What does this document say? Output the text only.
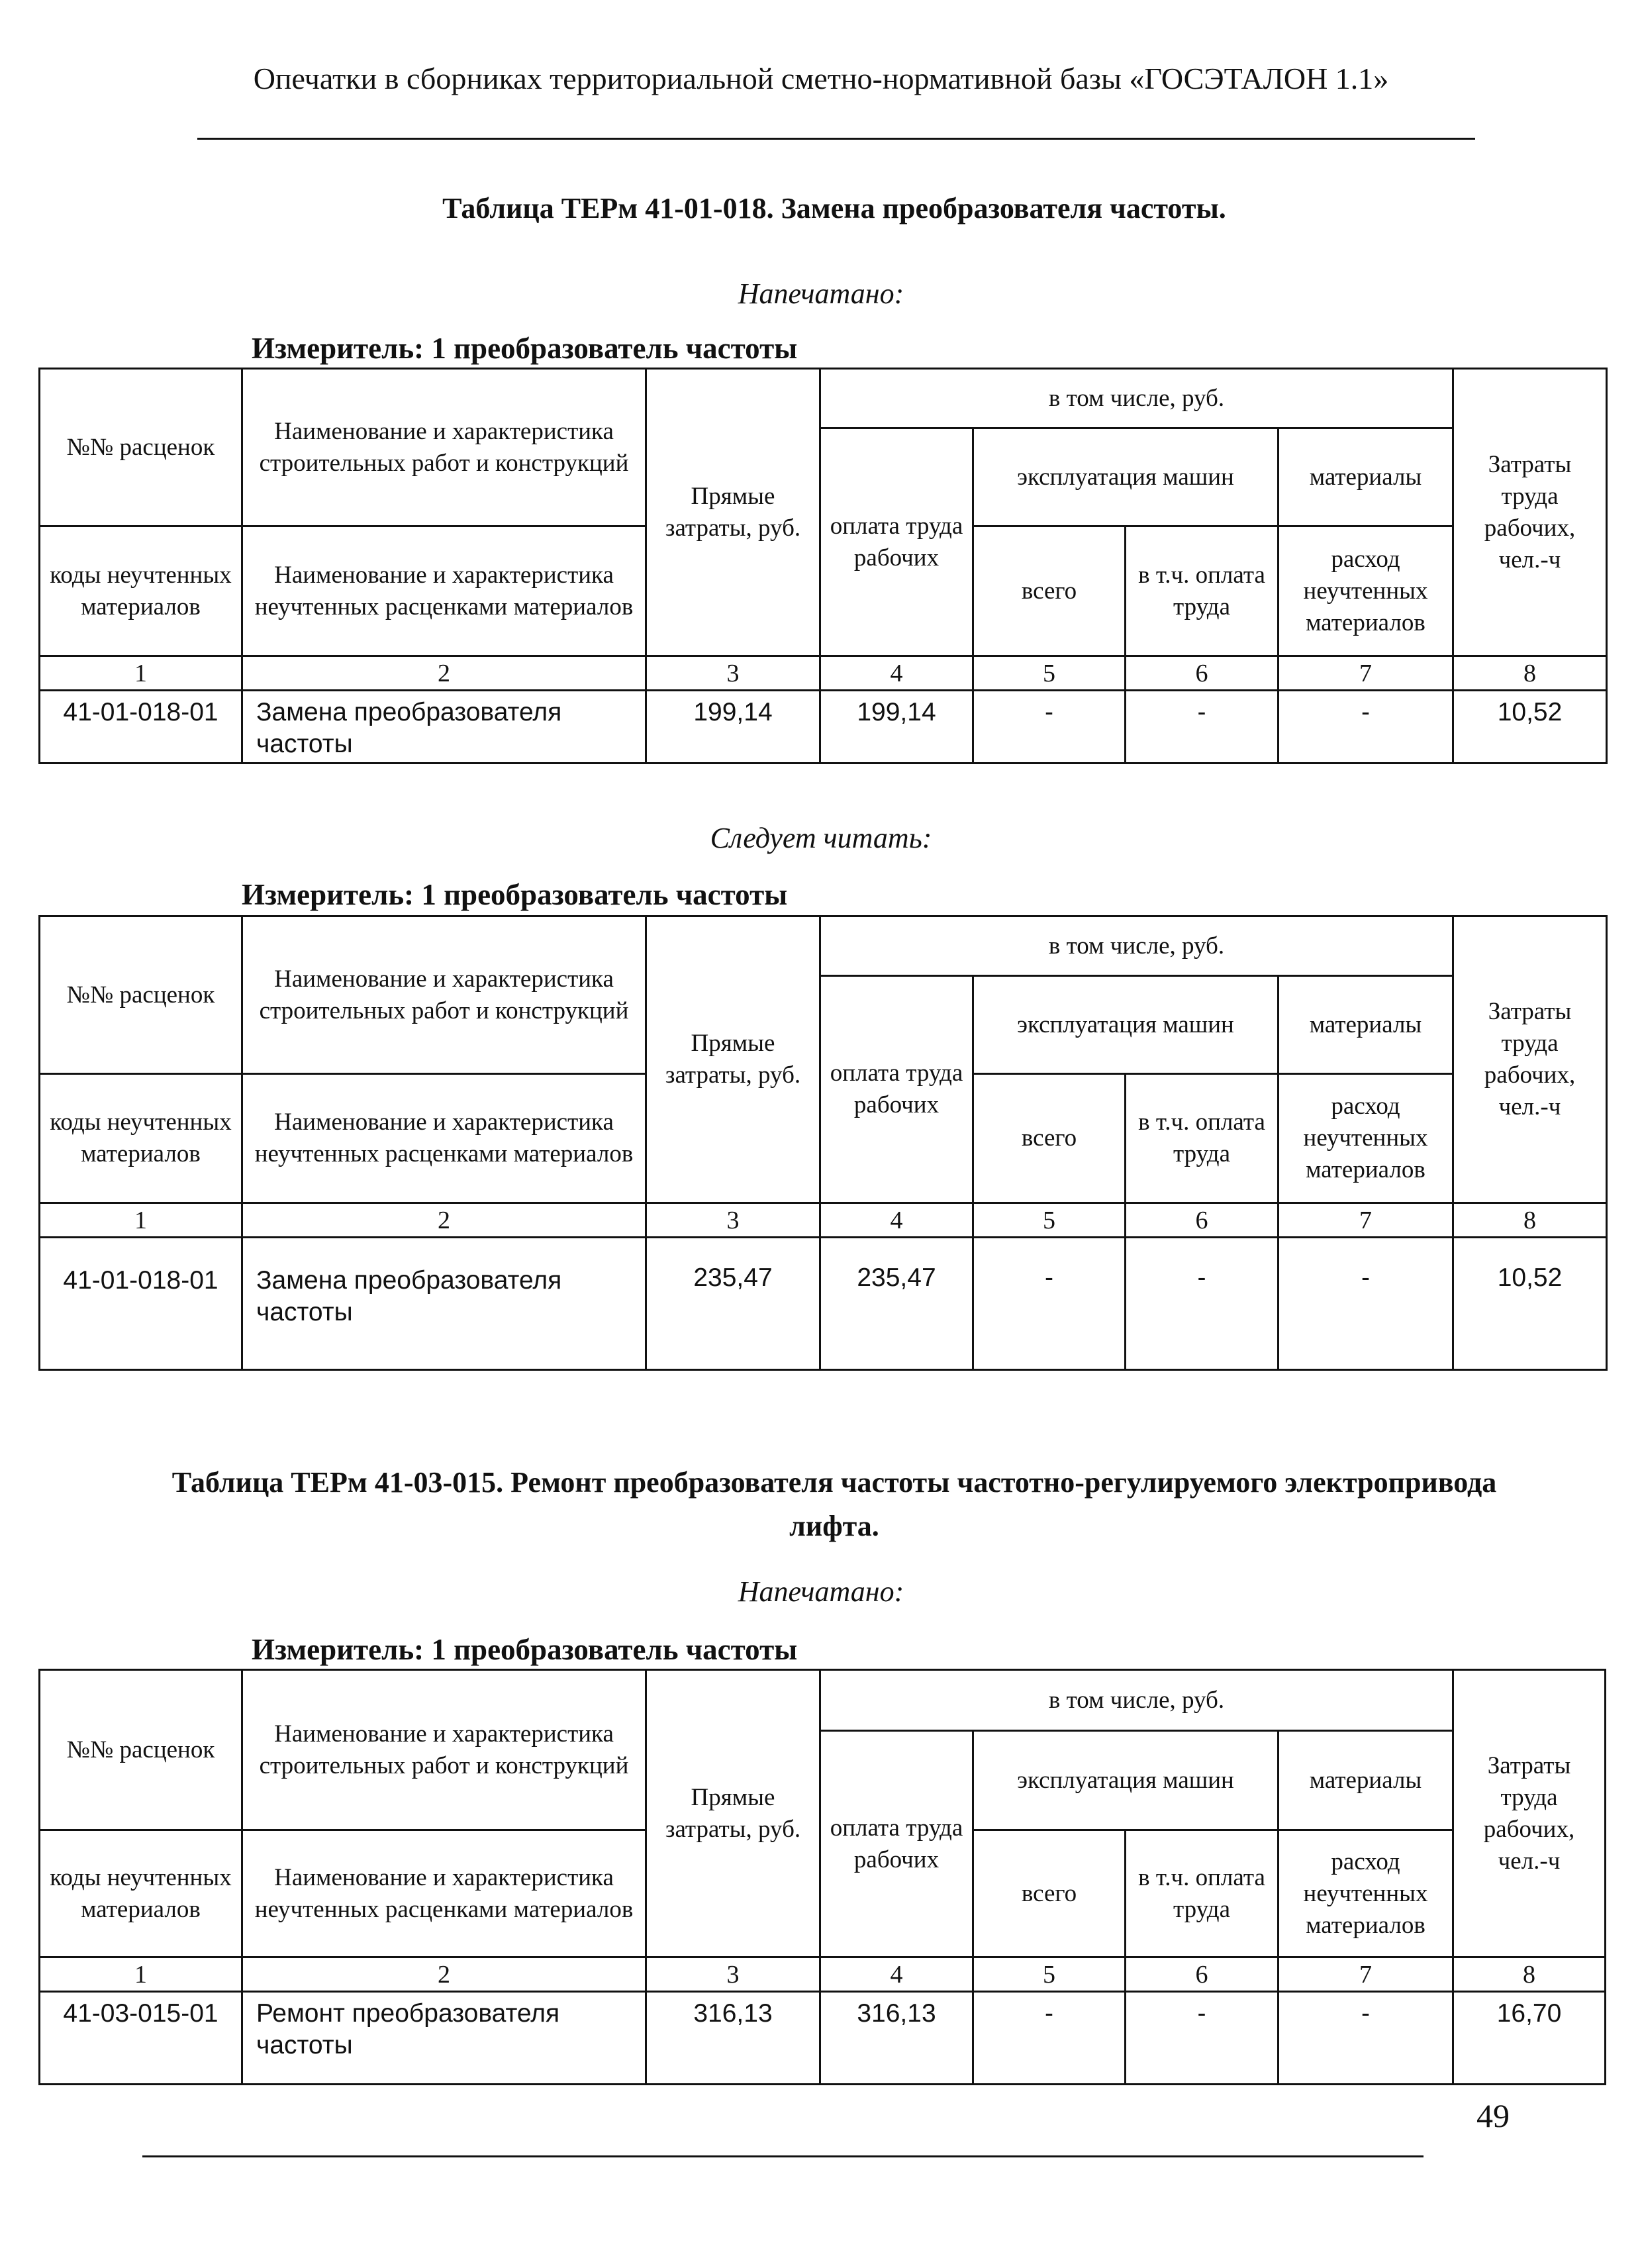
Опечатки в сборниках территориальной сметно-нормативной базы «ГОСЭТАЛОН 1.1»
Таблица ТЕРм 41-01-018. Замена преобразователя частоты.
Напечатано:
Измеритель: 1 преобразователь частоты
№№ расценок	Наименование и характеристика строительных работ и конструкций	Прямые затраты, руб.	в том числе, руб.				Затраты труда рабочих, чел.-ч
			оплата труда рабочих	эксплуатация машин		материалы	
коды неучтенных материалов	Наименование и характеристика неучтенных расценками материалов			всего	в т.ч. оплата труда	расход неучтенных материалов	
1	2	3	4	5	6	7	8
41-01-018-01	Замена преобразователя частоты	199,14	199,14	-	-	-	10,52
Следует читать:
Измеритель: 1 преобразователь частоты
№№ расценок	Наименование и характеристика строительных работ и конструкций	Прямые затраты, руб.	в том числе, руб.				Затраты труда рабочих, чел.-ч
			оплата труда рабочих	эксплуатация машин		материалы	
коды неучтенных материалов	Наименование и характеристика неучтенных расценками материалов			всего	в т.ч. оплата труда	расход неучтенных материалов	
1	2	3	4	5	6	7	8
41-01-018-01	Замена преобразователя частоты	235,47	235,47	-	-	-	10,52
Таблица ТЕРм 41-03-015. Ремонт преобразователя частоты частотно-регулируемого электропривода лифта.
Напечатано:
Измеритель: 1 преобразователь частоты
№№ расценок	Наименование и характеристика строительных работ и конструкций	Прямые затраты, руб.	в том числе, руб.				Затраты труда рабочих, чел.-ч
			оплата труда рабочих	эксплуатация машин		материалы	
коды неучтенных материалов	Наименование и характеристика неучтенных расценками материалов			всего	в т.ч. оплата труда	расход неучтенных материалов	
1	2	3	4	5	6	7	8
41-03-015-01	Ремонт преобразователя частоты	316,13	316,13	-	-	-	16,70
49
